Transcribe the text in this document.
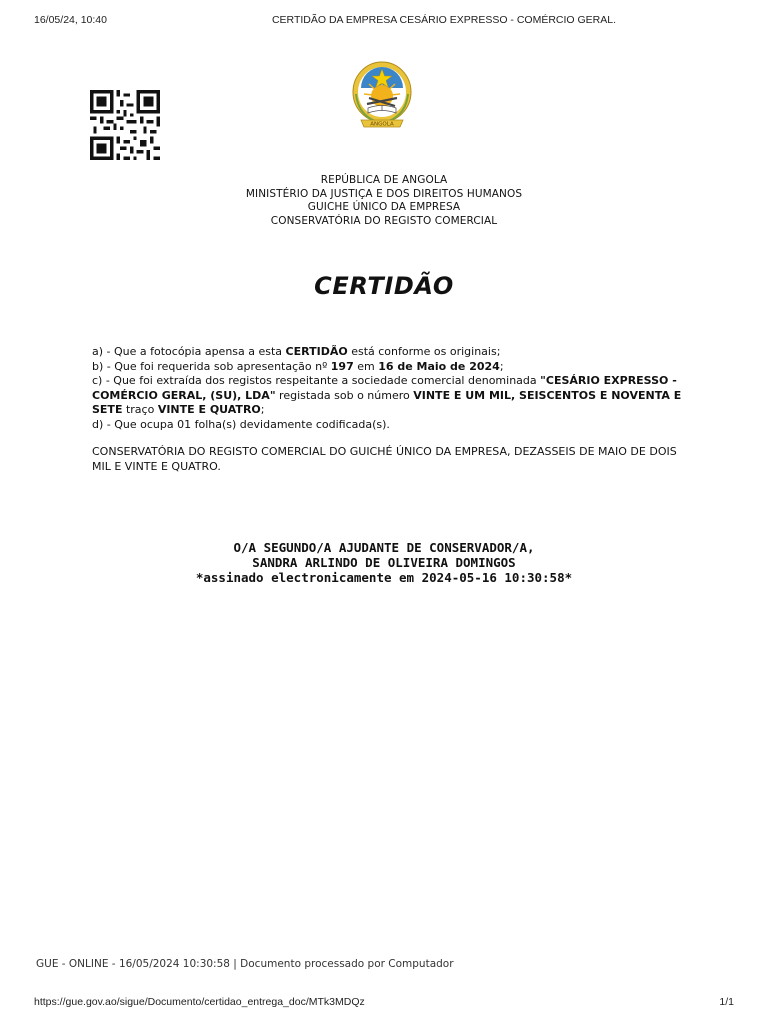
16/05/24, 10:40	CERTIDÃO DA EMPRESA CESÁRIO EXPRESSO - COMÉRCIO GERAL.
ANGOLA
REPÚBLICA DE ANGOLA
MINISTÉRIO DA JUSTIÇA E DOS DIREITOS HUMANOS
GUICHE ÚNICO DA EMPRESA
CONSERVATÓRIA DO REGISTO COMERCIAL
CERTIDÃO

a) - Que a fotocópia apensa a esta CERTIDÃO está conforme os originais;

b) - Que foi requerida sob apresentação nº 197 em 16 de Maio de 2024;

c) - Que foi extraída dos registos respeitante a sociedade comercial denominada "CESÁRIO EXPRESSO - COMÉRCIO GERAL, (SU), LDA" registada sob o número VINTE E UM MIL, SEISCENTOS E NOVENTA E SETE traço VINTE E QUATRO;

d) - Que ocupa 01 folha(s) devidamente codificada(s).

CONSERVATÓRIA DO REGISTO COMERCIAL DO GUICHÉ ÚNICO DA EMPRESA, DEZASSEIS DE MAIO DE DOIS MIL E VINTE E QUATRO.

O/A SEGUNDO/A AJUDANTE DE CONSERVADOR/A,
SANDRA ARLINDO DE OLIVEIRA DOMINGOS
*assinado electronicamente em 2024-05-16 10:30:58*
GUE - ONLINE - 16/05/2024 10:30:58 | Documento processado por Computador
https://gue.gov.ao/sigue/Documento/certidao_entrega_doc/MTk3MDQz	1/1
